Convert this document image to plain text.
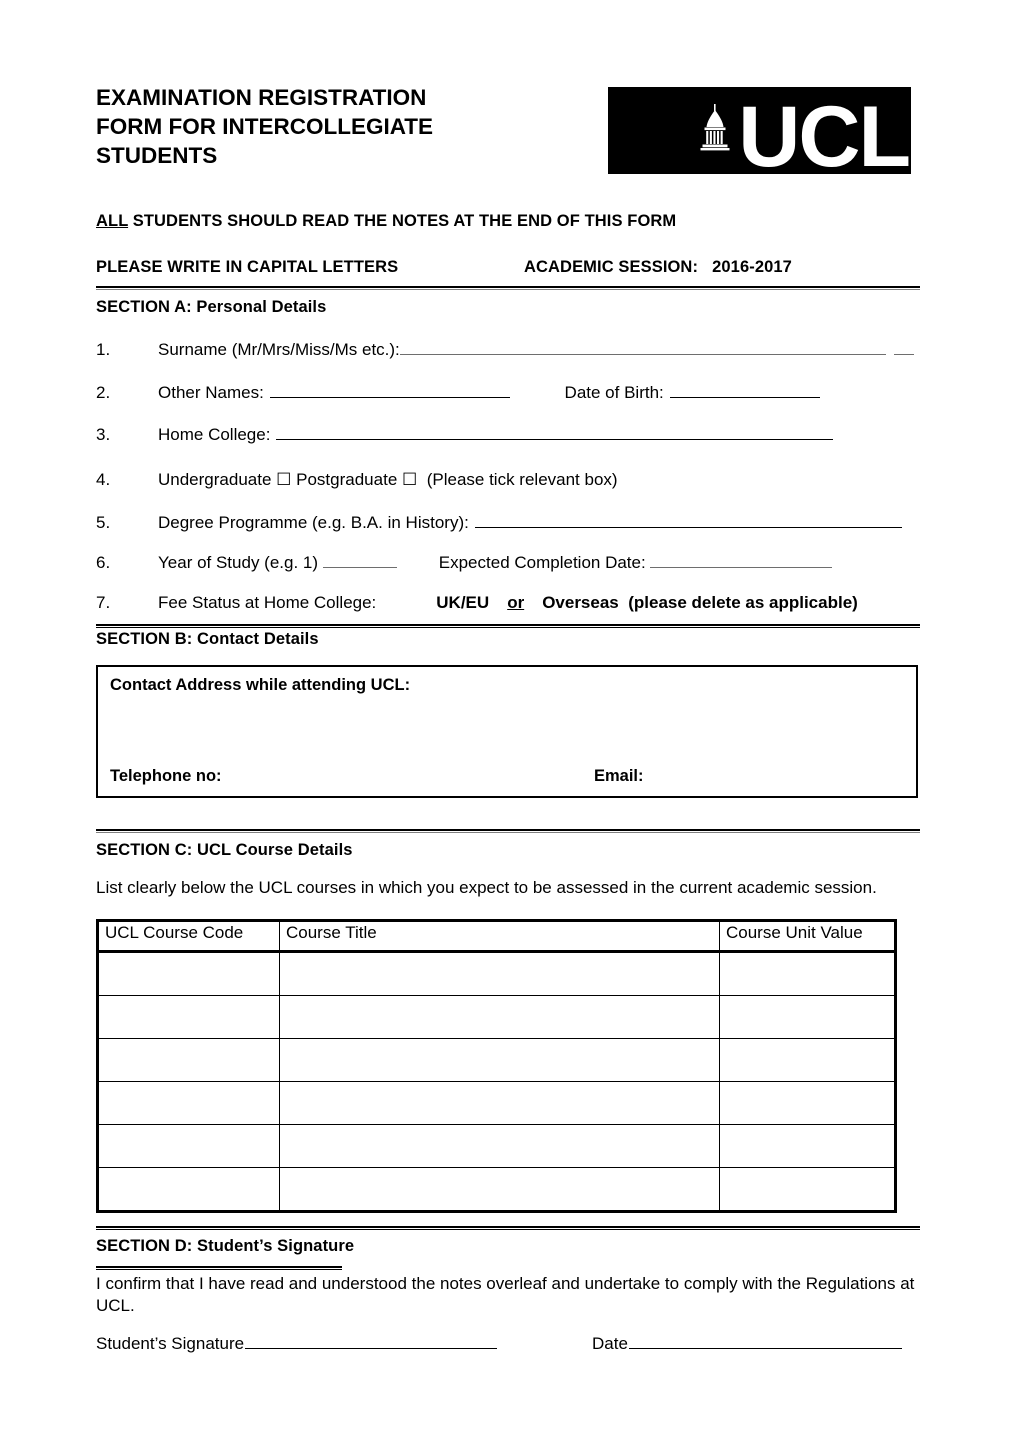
EXAMINATION REGISTRATION
FORM FOR INTERCOLLEGIATE
STUDENTS	UCL
ALL STUDENTS SHOULD READ THE NOTES AT THE END OF THIS FORM
PLEASE WRITE IN CAPITAL LETTERS	ACADEMIC SESSION: 2016-2017
SECTION A: Personal Details
1.	Surname (Mr/Mrs/Miss/Ms etc.):
2.	Other Names:	Date of Birth:
3.	Home College:
4.	Undergraduate ☐ Postgraduate ☐ (Please tick relevant box)
5.	Degree Programme (e.g. B.A. in History):
6.	Year of Study (e.g. 1)	Expected Completion Date:
7.	Fee Status at Home College:	UK/EU or Overseas (please delete as applicable)
SECTION B: Contact Details
Contact Address while attending UCL:
Telephone no:	Email:
SECTION C: UCL Course Details
List clearly below the UCL courses in which you expect to be assessed in the current academic session.
UCL Course Code	Course Title	Course Unit Value

SECTION D: Student’s Signature
I confirm that I have read and understood the notes overleaf and undertake to comply with the Regulations at UCL.
Student’s Signature	Date
